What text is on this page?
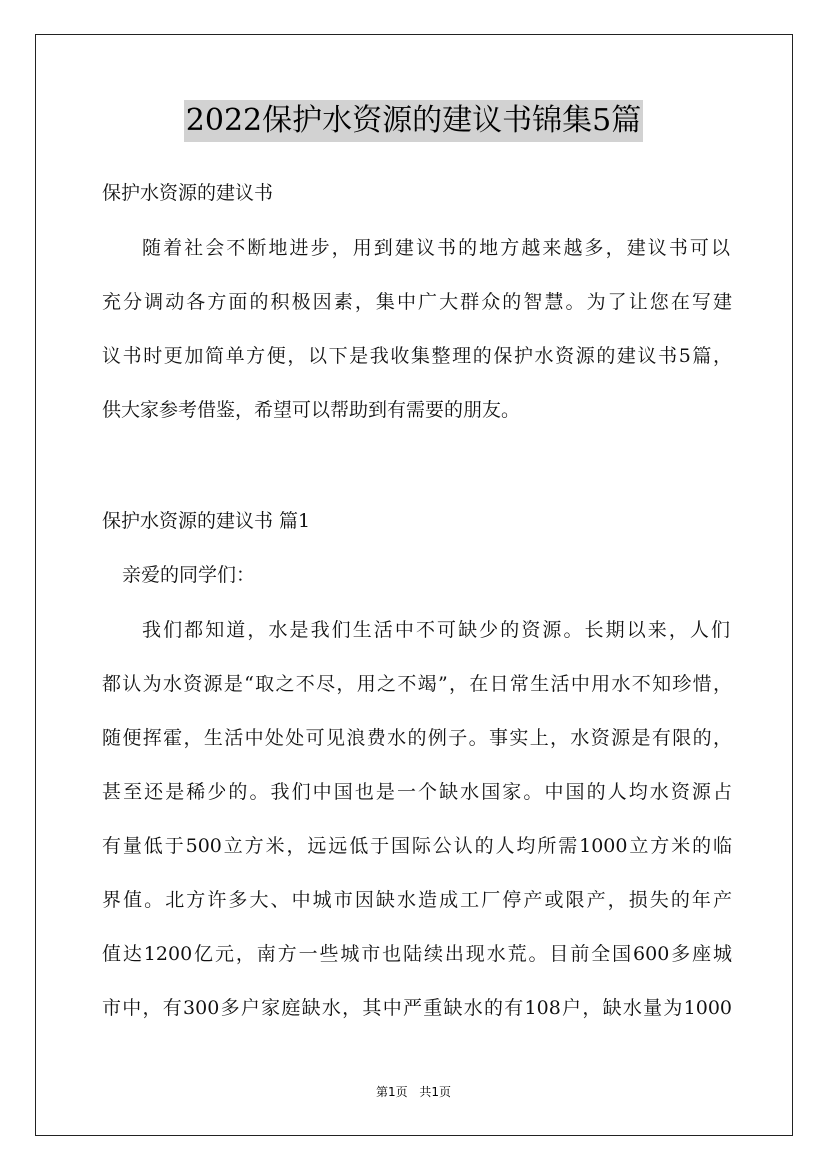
2022保护水资源的建议书锦集5篇
保护水资源的建议书
随着社会不断地进步，用到建议书的地方越来越多，建议书可以
充分调动各方面的积极因素，集中广大群众的智慧。为了让您在写建
议书时更加简单方便，以下是我收集整理的保护水资源的建议书5篇，
供大家参考借鉴，希望可以帮助到有需要的朋友。
保护水资源的建议书 篇1
亲爱的同学们：
我们都知道，水是我们生活中不可缺少的资源。长期以来，人们
都认为水资源是“取之不尽，用之不竭”，在日常生活中用水不知珍惜，
随便挥霍，生活中处处可见浪费水的例子。事实上，水资源是有限的，
甚至还是稀少的。我们中国也是一个缺水国家。中国的人均水资源占
有量低于500立方米，远远低于国际公认的人均所需1000立方米的临
界值。北方许多大、中城市因缺水造成工厂停产或限产，损失的年产
值达1200亿元，南方一些城市也陆续出现水荒。目前全国600多座城
市中，有300多户家庭缺水，其中严重缺水的有108户，缺水量为1000
第1页 共1页
